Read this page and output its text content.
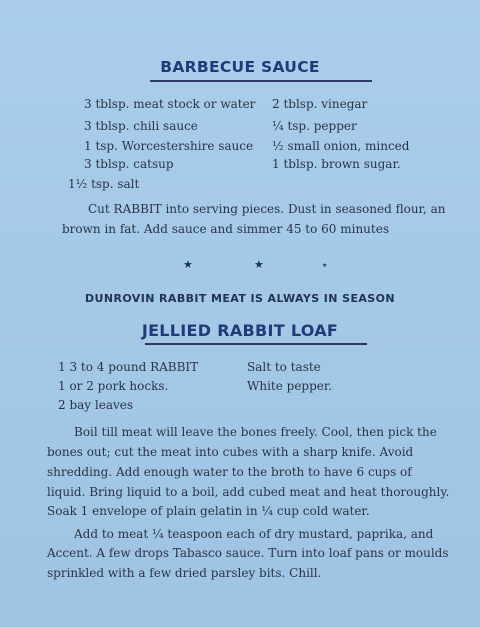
BARBECUE SAUCE
3 tblsp. meat stock or water
3 tblsp. chili sauce
1 tsp. Worcestershire sauce
3 tblsp. catsup
1½ tsp. salt
2 tblsp. vinegar
¼ tsp. pepper
½ small onion, minced
1 tblsp. brown sugar.
Cut RABBIT into serving pieces. Dust in seasoned flour, an
brown in fat. Add sauce and simmer 45 to 60 minutes
★	★	★
DUNROVIN RABBIT MEAT IS ALWAYS IN SEASON
JELLIED RABBIT LOAF
1 3 to 4 pound RABBIT
1 or 2 pork hocks.
2 bay leaves
Salt to taste
White pepper.
Boil till meat will leave the bones freely. Cool, then pick the
bones out; cut the meat into cubes with a sharp knife. Avoid
shredding. Add enough water to the broth to have 6 cups of
liquid. Bring liquid to a boil, add cubed meat and heat thoroughly.
Soak 1 envelope of plain gelatin in ¼ cup cold water.
Add to meat ¼ teaspoon each of dry mustard, paprika, and
Accent. A few drops Tabasco sauce. Turn into loaf pans or moulds
sprinkled with a few dried parsley bits. Chill.
